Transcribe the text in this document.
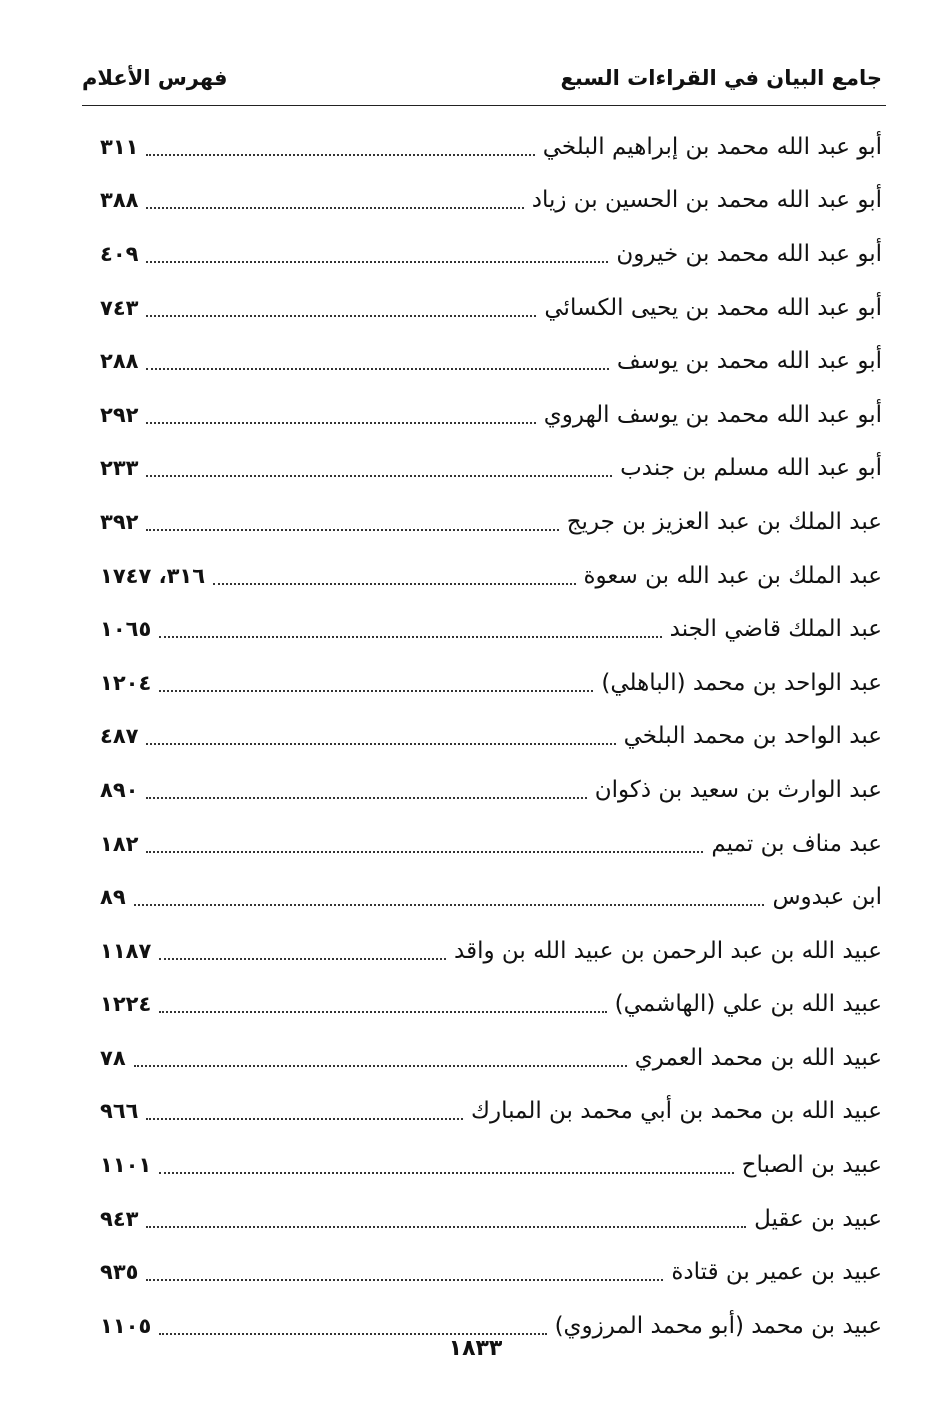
جامع البيان في القراءات السبع
فهرس الأعلام
أبو عبد الله محمد بن إبراهيم البلخي
٣١١
أبو عبد الله محمد بن الحسين بن زياد
٣٨٨
أبو عبد الله محمد بن خيرون
٤٠٩
أبو عبد الله محمد بن يحيى الكسائي
٧٤٣
أبو عبد الله محمد بن يوسف
٢٨٨
أبو عبد الله محمد بن يوسف الهروي
٢٩٢
أبو عبد الله مسلم بن جندب
٢٣٣
عبد الملك بن عبد العزيز بن جريج
٣٩٢
عبد الملك بن عبد الله بن سعوة
٣١٦، ١٧٤٧
عبد الملك قاضي الجند
١٠٦٥
عبد الواحد بن محمد (الباهلي)
١٢٠٤
عبد الواحد بن محمد البلخي
٤٨٧
عبد الوارث بن سعيد بن ذكوان
٨٩٠
عبد مناف بن تميم
١٨٢
ابن عبدوس
٨٩
عبيد الله بن عبد الرحمن بن عبيد الله بن واقد
١١٨٧
عبيد الله بن علي (الهاشمي)
١٢٢٤
عبيد الله بن محمد العمري
٧٨
عبيد الله بن محمد بن أبي محمد بن المبارك
٩٦٦
عبيد بن الصباح
١١٠١
عبيد بن عقيل
٩٤٣
عبيد بن عمير بن قتادة
٩٣٥
عبيد بن محمد (أبو محمد المرزوي)
١١٠٥
١٨٣٣
